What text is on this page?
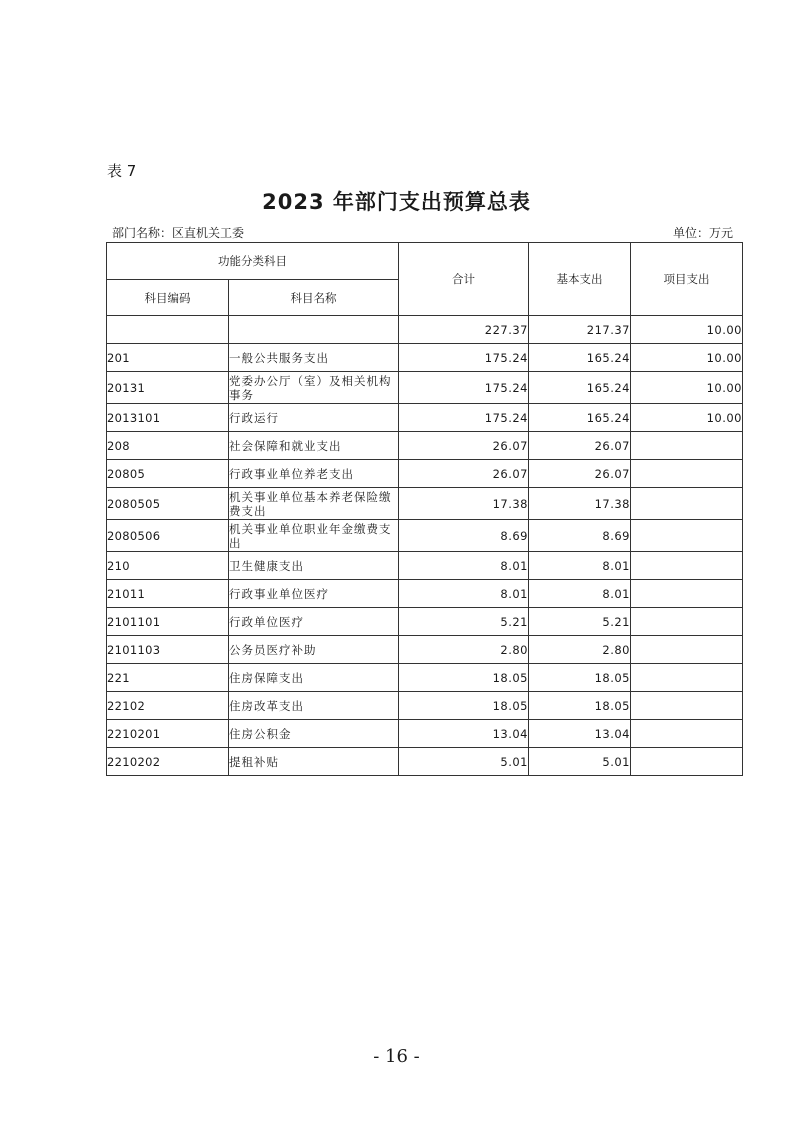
表 7
2023 年部门支出预算总表
部门名称：区直机关工委	单位：万元
功能分类科目		合计	基本支出	项目支出
科目编码	科目名称			
		227.37	217.37	10.00
201	一般公共服务支出	175.24	165.24	10.00
20131	党委办公厅（室）及相关机构事务	175.24	165.24	10.00
2013101	行政运行	175.24	165.24	10.00
208	社会保障和就业支出	26.07	26.07	
20805	行政事业单位养老支出	26.07	26.07	
2080505	机关事业单位基本养老保险缴费支出	17.38	17.38	
2080506	机关事业单位职业年金缴费支出	8.69	8.69	
210	卫生健康支出	8.01	8.01	
21011	行政事业单位医疗	8.01	8.01	
2101101	行政单位医疗	5.21	5.21	
2101103	公务员医疗补助	2.80	2.80	
221	住房保障支出	18.05	18.05	
22102	住房改革支出	18.05	18.05	
2210201	住房公积金	13.04	13.04	
2210202	提租补贴	5.01	5.01	
- 16 -
